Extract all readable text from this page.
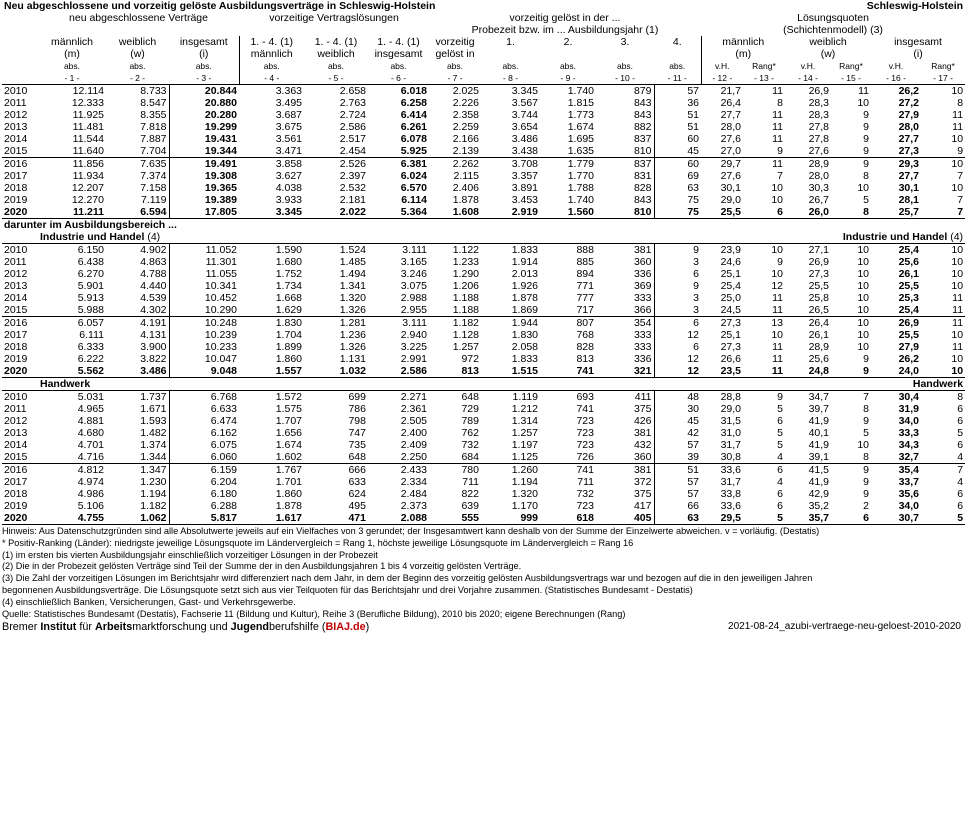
Neu abgeschlossene und vorzeitig gelöste Ausbildungsverträge in Schleswig-Holstein												Schleswig-Holstein					
	neu abgeschlossene Verträge			vorzeitige Vertragslösungen			vorzeitig gelöst in der ...					Lösungsquoten					
							Probezeit bzw. im ... Ausbildungsjahr (1)					(Schichtenmodell) (3)					
	männlich	weiblich	insgesamt	1. - 4. (1)	1. - 4. (1)	1. - 4. (1)	vorzeitig	1.	2.	3.	4.	männlich		weiblich		insgesamt	
	(m)	(w)	(i)	männlich	weiblich	insgesamt	gelöst in					(m)		(w)		(i)	
	abs.	abs.	abs.	abs.	abs.	abs.	abs.	abs.	abs.	abs.	abs.	v.H.	Rang*	v.H.	Rang*	v.H.	Rang*
	- 1 -	- 2 -	- 3 -	- 4 -	- 5 -	- 6 -	- 7 -	- 8 -	- 9 -	- 10 -	- 11 -	- 12 -	- 13 -	- 14 -	- 15 -	- 16 -	- 17 -
2010	12.114	8.733	20.844	3.363	2.658	6.018	2.025	3.345	1.740	879	57	21,7	11	26,9	11	26,2	10
2011	12.333	8.547	20.880	3.495	2.763	6.258	2.226	3.567	1.815	843	36	26,4	8	28,3	10	27,2	8
2012	11.925	8.355	20.280	3.687	2.724	6.414	2.358	3.744	1.773	843	51	27,7	11	28,3	9	27,9	11
2013	11.481	7.818	19.299	3.675	2.586	6.261	2.259	3.654	1.674	882	51	28,0	11	27,8	9	28,0	11
2014	11.544	7.887	19.431	3.561	2.517	6.078	2.166	3.486	1.695	837	60	27,6	11	27,8	9	27,7	10
2015	11.640	7.704	19.344	3.471	2.454	5.925	2.139	3.438	1.635	810	45	27,0	9	27,6	9	27,3	9
2016	11.856	7.635	19.491	3.858	2.526	6.381	2.262	3.708	1.779	837	60	29,7	11	28,9	9	29,3	10
2017	11.934	7.374	19.308	3.627	2.397	6.024	2.115	3.357	1.770	831	69	27,6	7	28,0	8	27,7	7
2018	12.207	7.158	19.365	4.038	2.532	6.570	2.406	3.891	1.788	828	63	30,1	10	30,3	10	30,1	10
2019	12.270	7.119	19.389	3.933	2.181	6.114	1.878	3.453	1.740	843	75	29,0	10	26,7	5	28,1	7
2020	11.211	6.594	17.805	3.345	2.022	5.364	1.608	2.919	1.560	810	75	25,5	6	26,0	8	25,7	7
darunter im Ausbildungsbereich ...																	
Industrie und Handel (4)												Industrie und Handel (4)					
2010	6.150	4.902	11.052	1.590	1.524	3.111	1.122	1.833	888	381	9	23,9	10	27,1	10	25,4	10
2011	6.438	4.863	11.301	1.680	1.485	3.165	1.233	1.914	885	360	3	24,6	9	26,9	10	25,6	10
2012	6.270	4.788	11.055	1.752	1.494	3.246	1.290	2.013	894	336	6	25,1	10	27,3	10	26,1	10
2013	5.901	4.440	10.341	1.734	1.341	3.075	1.206	1.926	771	369	9	25,4	12	25,5	10	25,5	10
2014	5.913	4.539	10.452	1.668	1.320	2.988	1.188	1.878	777	333	3	25,0	11	25,8	10	25,3	11
2015	5.988	4.302	10.290	1.629	1.326	2.955	1.188	1.869	717	366	3	24,5	11	26,5	10	25,4	11
2016	6.057	4.191	10.248	1.830	1.281	3.111	1.182	1.944	807	354	6	27,3	13	26,4	10	26,9	11
2017	6.111	4.131	10.239	1.704	1.236	2.940	1.128	1.830	768	333	12	25,1	10	26,1	10	25,5	10
2018	6.333	3.900	10.233	1.899	1.326	3.225	1.257	2.058	828	333	6	27,3	11	28,9	10	27,9	11
2019	6.222	3.822	10.047	1.860	1.131	2.991	972	1.833	813	336	12	26,6	11	25,6	9	26,2	10
2020	5.562	3.486	9.048	1.557	1.032	2.586	813	1.515	741	321	12	23,5	11	24,8	9	24,0	10
Handwerk												Handwerk					
2010	5.031	1.737	6.768	1.572	699	2.271	648	1.119	693	411	48	28,8	9	34,7	7	30,4	8
2011	4.965	1.671	6.633	1.575	786	2.361	729	1.212	741	375	30	29,0	5	39,7	8	31,9	6
2012	4.881	1.593	6.474	1.707	798	2.505	789	1.314	723	426	45	31,5	6	41,9	9	34,0	6
2013	4.680	1.482	6.162	1.656	747	2.400	762	1.257	723	381	42	31,0	5	40,1	5	33,3	5
2014	4.701	1.374	6.075	1.674	735	2.409	732	1.197	723	432	57	31,7	5	41,9	10	34,3	6
2015	4.716	1.344	6.060	1.602	648	2.250	684	1.125	726	360	39	30,8	4	39,1	8	32,7	4
2016	4.812	1.347	6.159	1.767	666	2.433	780	1.260	741	381	51	33,6	6	41,5	9	35,4	7
2017	4.974	1.230	6.204	1.701	633	2.334	711	1.194	711	372	57	31,7	4	41,9	9	33,7	4
2018	4.986	1.194	6.180	1.860	624	2.484	822	1.320	732	375	57	33,8	6	42,9	9	35,6	6
2019	5.106	1.182	6.288	1.878	495	2.373	639	1.170	723	417	66	33,6	6	35,2	2	34,0	6
2020	4.755	1.062	5.817	1.617	471	2.088	555	999	618	405	63	29,5	5	35,7	6	30,7	5
Hinweis: Aus Datenschutzgründen sind alle Absolutwerte jeweils auf ein Vielfaches von 3 gerundet; der Insgesamtwert kann deshalb von der Summe der Einzelwerte abweichen. v = vorläufig. (Destatis)
* Positiv-Ranking (Länder): niedrigste jeweilige Lösungsquote im Ländervergleich = Rang 1, höchste jeweilige Lösungsquote im Ländervergleich = Rang 16
(1) im ersten bis vierten Ausbildungsjahr einschließlich vorzeitiger Lösungen in der Probezeit
(2) Die in der Probezeit gelösten Verträge sind Teil der Summe der in den Ausbildungsjahren 1 bis 4 vorzeitig gelösten Verträge.
(3) Die Zahl der vorzeitigen Lösungen im Berichtsjahr wird differenziert nach dem Jahr, in dem der Beginn des vorzeitig gelösten Ausbildungsvertrags war und bezogen auf die in den jeweiligen Jahren
begonnenen Ausbildungsverträge. Die Lösungsquote setzt sich aus vier Teilquoten für das Berichtsjahr und drei Vorjahre zusammen. (Statistisches Bundesamt - Destatis)
(4) einschließlich Banken, Versicherungen, Gast- und Verkehrsgewerbe.
Quelle: Statistisches Bundesamt (Destatis), Fachserie 11 (Bildung und Kultur), Reihe 3 (Berufliche Bildung), 2010 bis 2020; eigene Berechnungen (Rang)
Bremer Institut für Arbeitsmarktforschung und Jugendberufshilfe (BIAJ.de)	2021-08-24_azubi-vertraege-neu-geloest-2010-2020
